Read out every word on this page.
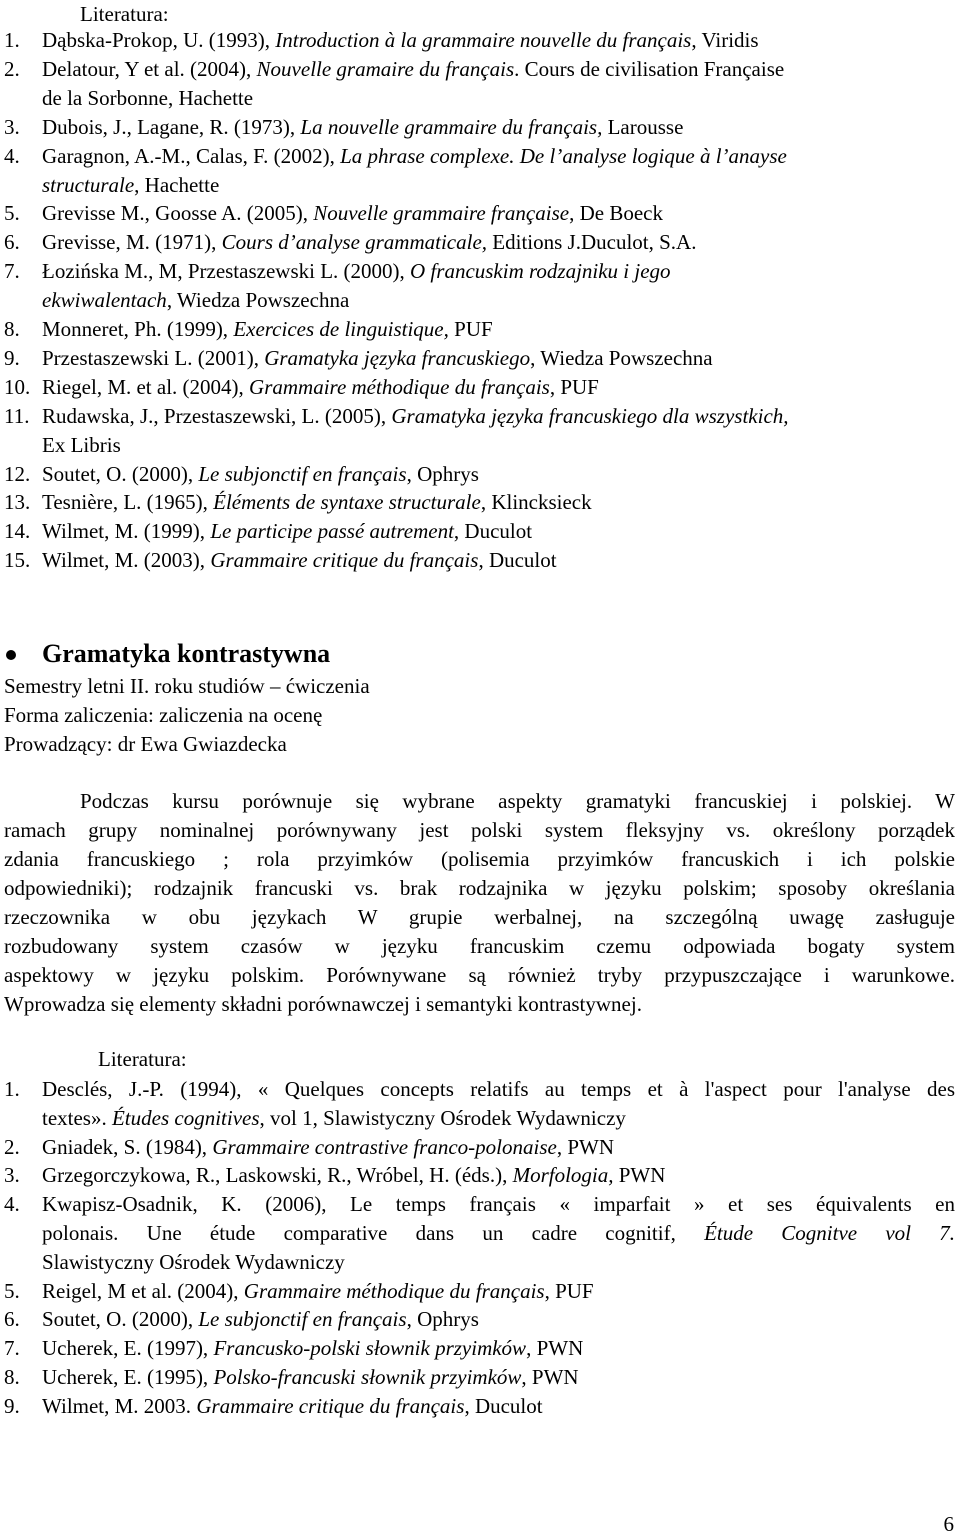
Literatura:
1. Dąbska-Prokop, U. (1993), Introduction à la grammaire nouvelle du français, Viridis
2. Delatour, Y et al. (2004), Nouvelle gramaire du français. Cours de civilisation Française
de la Sorbonne, Hachette
3. Dubois, J., Lagane, R. (1973), La nouvelle grammaire du français, Larousse
4. Garagnon, A.-M., Calas, F. (2002), La phrase complexe. De l’analyse logique à l’anayse
structurale, Hachette
5. Grevisse M., Goosse A. (2005), Nouvelle grammaire française, De Boeck
6. Grevisse, M. (1971), Cours d’analyse grammaticale, Editions J.Duculot, S.A.
7. Łozińska M., M, Przestaszewski L. (2000), O francuskim rodzajniku i jego
ekwiwalentach, Wiedza Powszechna
8. Monneret, Ph. (1999), Exercices de linguistique, PUF
9. Przestaszewski L. (2001), Gramatyka języka francuskiego, Wiedza Powszechna
10. Riegel, M. et al. (2004), Grammaire méthodique du français, PUF
11. Rudawska, J., Przestaszewski, L. (2005), Gramatyka języka francuskiego dla wszystkich,
Ex Libris
12. Soutet, O. (2000), Le subjonctif en français, Ophrys
13. Tesnière, L. (1965), Éléments de syntaxe structurale, Klincksieck
14. Wilmet, M. (1999), Le participe passé autrement, Duculot
15. Wilmet, M. (2003), Grammaire critique du français, Duculot
Gramatyka kontrastywna
Semestry letni II. roku studiów – ćwiczenia
Forma zaliczenia: zaliczenia na ocenę
Prowadzący: dr Ewa Gwiazdecka
Podczas kursu porównuje się wybrane aspekty gramatyki francuskiej i polskiej. W
ramach grupy nominalnej porównywany jest polski system fleksyjny vs. określony porządek
zdania francuskiego ; rola przyimków (polisemia przyimków francuskich i ich polskie
odpowiedniki); rodzajnik francuski vs. brak rodzajnika w języku polskim; sposoby określania
rzeczownika w obu językach W grupie werbalnej, na szczególną uwagę zasługuje
rozbudowany system czasów w języku francuskim czemu odpowiada bogaty system
aspektowy w języku polskim. Porównywane są również tryby przypuszczające i warunkowe.
Wprowadza się elementy składni porównawczej i semantyki kontrastywnej.
Literatura:
1. Desclés, J.-P. (1994), « Quelques concepts relatifs au temps et à l'aspect pour l'analyse des
textes». Études cognitives, vol 1, Slawistyczny Ośrodek Wydawniczy
2. Gniadek, S. (1984), Grammaire contrastive franco-polonaise, PWN
3. Grzegorczykowa, R., Laskowski, R., Wróbel, H. (éds.), Morfologia, PWN
4. Kwapisz-Osadnik, K. (2006), Le temps français « imparfait » et ses équivalents en
polonais. Une étude comparative dans un cadre cognitif, Étude Cognitve vol 7.
Slawistyczny Ośrodek Wydawniczy
5. Reigel, M et al. (2004), Grammaire méthodique du français, PUF
6. Soutet, O. (2000), Le subjonctif en français, Ophrys
7. Ucherek, E. (1997), Francusko-polski słownik przyimków, PWN
8. Ucherek, E. (1995), Polsko-francuski słownik przyimków, PWN
9. Wilmet, M. 2003. Grammaire critique du français, Duculot
6
